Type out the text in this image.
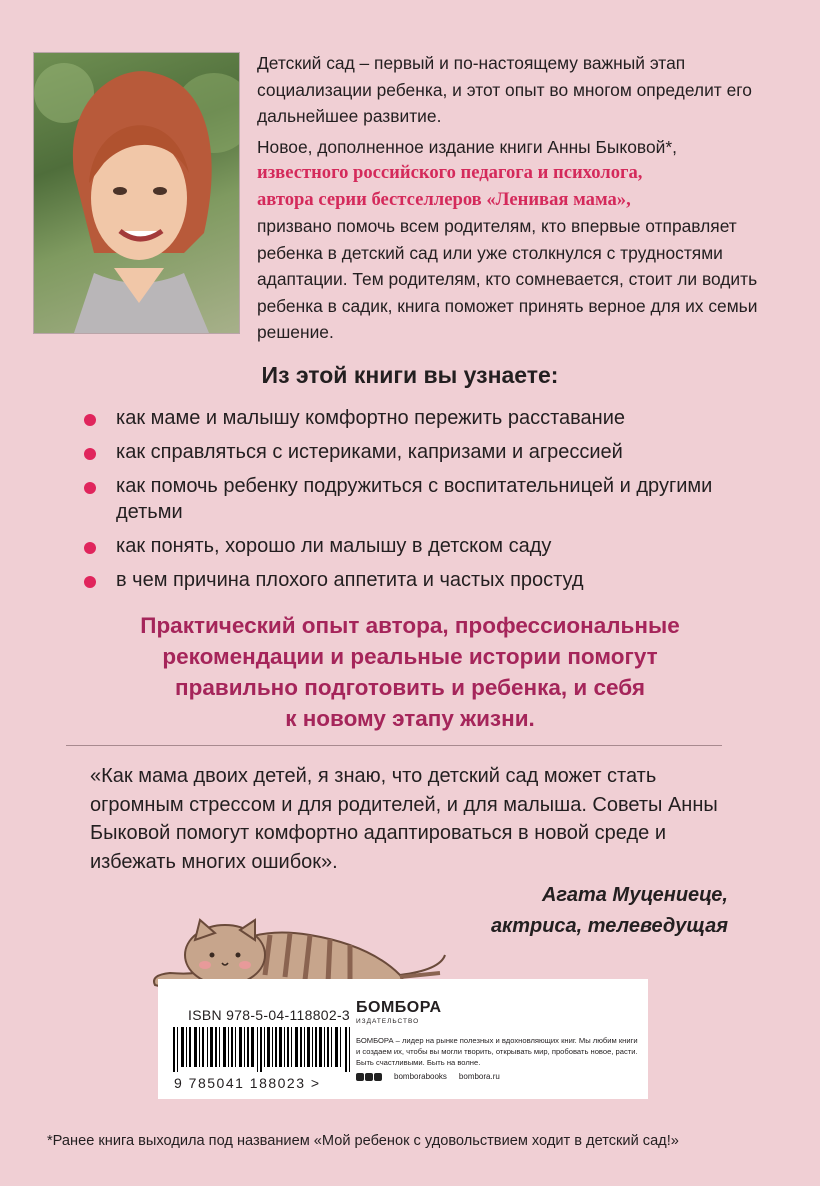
Детский сад – первый и по-настоящему важный этап социализации ребенка, и этот опыт во многом определит его дальнейшее развитие.

Новое, дополненное издание книги Анны Быковой*,
известного российского педагога и психолога,
автора серии бестселлеров «Ленивая мама»,
призвано помочь всем родителям, кто впервые отправляет ребенка в детский сад или уже столкнулся с трудностями адаптации. Тем родителям, кто сомневается, стоит ли водить ребенка в садик, книга поможет принять верное для их семьи решение.

Из этой книги вы узнаете:
как маме и малышу комфортно пережить расставание
как справляться с истериками, капризами и агрессией
как помочь ребенку подружиться с воспитательницей и другими детьми
как понять, хорошо ли малышу в детском саду
в чем причина плохого аппетита и частых простуд
Практический опыт автора, профессиональные
рекомендации и реальные истории помогут
правильно подготовить и ребенка, и себя
к новому этапу жизни.

«Как мама двоих детей, я знаю, что детский сад может стать огромным стрессом и для родителей, и для малыша. Советы Анны Быковой помогут комфортно адаптироваться в новой среде и избежать многих ошибок».

Агата Муцениеце,
актриса, телеведущая
ISBN 978-5-04-118802-3
9 785041 188023 >
БОМБОРА
ИЗДАТЕЛЬСТВО
БОМБОРА – лидер на рынке полезных и вдохновляющих книг. Мы любим книги и создаем их, чтобы вы могли творить, открывать мир, пробовать новое, расти. Быть счастливыми. Быть на волне.
bomborabooks bombora.ru
*Ранее книга выходила под названием «Мой ребенок с удовольствием ходит в детский сад!»
